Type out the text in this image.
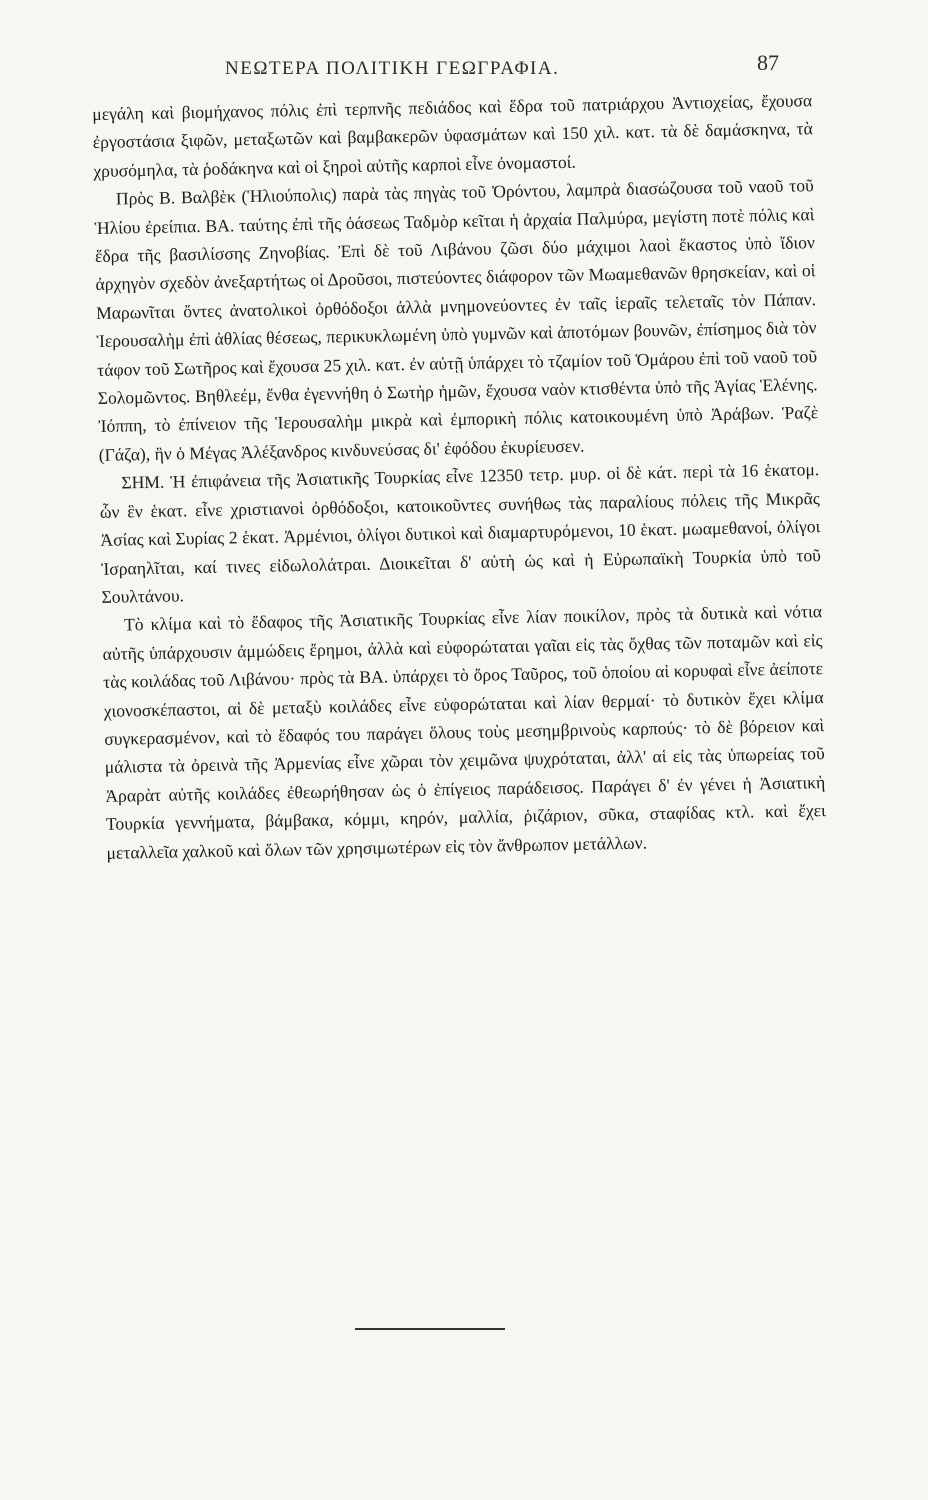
ΝΕΩΤΕΡΑ ΠΟΛΙΤΙΚΗ ΓΕΩΓΡΑΦΙΑ.	87

μεγάλη καὶ βιομήχανος πόλις ἐπὶ τερπνῆς πεδιάδος καὶ ἕδρα τοῦ πατριάρχου Ἀντιοχείας, ἔχουσα ἐργοστάσια ξιφῶν, μεταξωτῶν καὶ βαμβακερῶν ὑφασμάτων καὶ 150 χιλ. κατ. τὰ δὲ δαμάσκηνα, τὰ χρυσόμηλα, τὰ ῥοδάκηνα καὶ οἱ ξηροὶ αὐτῆς καρποὶ εἶνε ὀνομαστοί.

Πρὸς Β. Βαλβὲκ (Ἡλιούπολις) παρὰ τὰς πηγὰς τοῦ Ὀρόντου, λαμπρὰ διασώζουσα τοῦ ναοῦ τοῦ Ἡλίου ἐρείπια. ΒΑ. ταύτης ἐπὶ τῆς ὀάσεως Ταδμὸρ κεῖται ἡ ἀρχαία Παλμύρα, μεγίστη ποτὲ πόλις καὶ ἕδρα τῆς βασιλίσσης Ζηνοβίας. Ἐπὶ δὲ τοῦ Λιβάνου ζῶσι δύο μάχιμοι λαοὶ ἕκαστος ὑπὸ ἴδιον ἀρχηγὸν σχεδὸν ἀνεξαρτήτως οἱ Δροῦσοι, πιστεύοντες διάφορον τῶν Μωαμεθανῶν θρησκείαν, καὶ οἱ Μαρωνῖται ὄντες ἀνατολικοὶ ὀρθόδοξοι ἀλλὰ μνημονεύοντες ἐν ταῖς ἱεραῖς τελεταῖς τὸν Πάπαν. Ἱερουσαλὴμ ἐπὶ ἀθλίας θέσεως, περικυκλωμένη ὑπὸ γυμνῶν καὶ ἀποτόμων βουνῶν, ἐπίσημος διὰ τὸν τάφον τοῦ Σωτῆρος καὶ ἔχουσα 25 χιλ. κατ. ἐν αὐτῇ ὑπάρχει τὸ τζαμίον τοῦ Ὁμάρου ἐπὶ τοῦ ναοῦ τοῦ Σολομῶντος. Βηθλεέμ, ἔνθα ἐγεννήθη ὁ Σωτὴρ ἡμῶν, ἔχουσα ναὸν κτισθέντα ὑπὸ τῆς Ἁγίας Ἑλένης. Ἰόππη, τὸ ἐπίνειον τῆς Ἱερουσαλὴμ μικρὰ καὶ ἐμπορικὴ πόλις κατοικουμένη ὑπὸ Ἀράβων. Ῥαζὲ (Γάζα), ἣν ὁ Μέγας Ἀλέξανδρος κινδυνεύσας δι' ἐφόδου ἐκυρίευσεν.

ΣΗΜ. Ἡ ἐπιφάνεια τῆς Ἀσιατικῆς Τουρκίας εἶνε 12350 τετρ. μυρ. οἱ δὲ κάτ. περὶ τὰ 16 ἑκατομ. ὧν ἓν ἑκατ. εἶνε χριστιανοὶ ὀρθόδοξοι, κατοικοῦντες συνήθως τὰς παραλίους πόλεις τῆς Μικρᾶς Ἀσίας καὶ Συρίας 2 ἑκατ. Ἀρμένιοι, ὀλίγοι δυτικοὶ καὶ διαμαρτυρόμενοι, 10 ἑκατ. μωαμεθανοί, ὀλίγοι Ἰσραηλῖται, καί τινες εἰδωλολάτραι. Διοικεῖται δ' αὐτὴ ὡς καὶ ἡ Εὐρωπαϊκὴ Τουρκία ὑπὸ τοῦ Σουλτάνου.

Τὸ κλίμα καὶ τὸ ἔδαφος τῆς Ἀσιατικῆς Τουρκίας εἶνε λίαν ποικίλον, πρὸς τὰ δυτικὰ καὶ νότια αὐτῆς ὑπάρχουσιν ἀμμώδεις ἔρημοι, ἀλλὰ καὶ εὐφορώταται γαῖαι εἰς τὰς ὄχθας τῶν ποταμῶν καὶ εἰς τὰς κοιλάδας τοῦ Λιβάνου· πρὸς τὰ ΒΑ. ὑπάρχει τὸ ὄρος Ταῦρος, τοῦ ὁποίου αἱ κορυφαὶ εἶνε ἀείποτε χιονοσκέπαστοι, αἱ δὲ μεταξὺ κοιλάδες εἶνε εὐφορώταται καὶ λίαν θερμαί· τὸ δυτικὸν ἔχει κλίμα συγκερασμένον, καὶ τὸ ἔδαφός του παράγει ὅλους τοὺς μεσημβρινοὺς καρπούς· τὸ δὲ βόρειον καὶ μάλιστα τὰ ὀρεινὰ τῆς Ἀρμενίας εἶνε χῶραι τὸν χειμῶνα ψυχρόταται, ἀλλ' αἱ εἰς τὰς ὑπωρείας τοῦ Ἀραρὰτ αὐτῆς κοιλάδες ἐθεωρήθησαν ὡς ὁ ἐπίγειος παράδεισος. Παράγει δ' ἐν γένει ἡ Ἀσιατικὴ Τουρκία γεννήματα, βάμβακα, κόμμι, κηρόν, μαλλία, ῥιζάριον, σῦκα, σταφίδας κτλ. καὶ ἔχει μεταλλεῖα χαλκοῦ καὶ ὅλων τῶν χρησιμωτέρων εἰς τὸν ἄνθρωπον μετάλλων.
